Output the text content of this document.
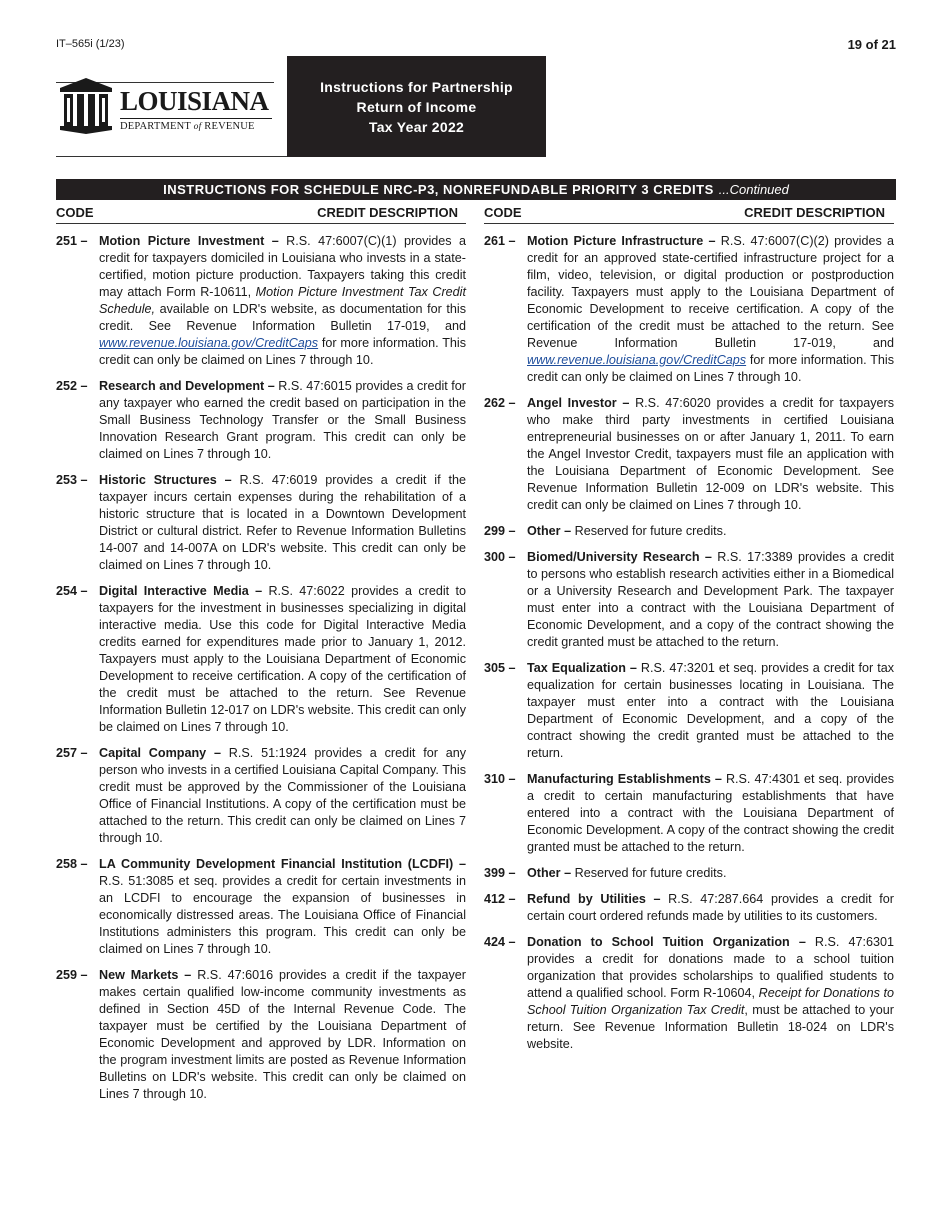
IT–565i (1/23)	19 of 21
LOUISIANA
DEPARTMENT of REVENUE
Instructions for Partnership
Return of Income
Tax Year 2022
INSTRUCTIONS FOR SCHEDULE NRC-P3, NONREFUNDABLE PRIORITY 3 CREDITS ...Continued
CODE	CREDIT DESCRIPTION
251 – Motion Picture Investment – R.S. 47:6007(C)(1) provides a credit for taxpayers domiciled in Louisiana who invests in a state-certified, motion picture production. Taxpayers taking this credit may attach Form R-10611, Motion Picture Investment Tax Credit Schedule, available on LDR's website, as documentation for this credit. See Revenue Information Bulletin 17-019, and www.revenue.louisiana.gov/CreditCaps for more information. This credit can only be claimed on Lines 7 through 10.
252 – Research and Development – R.S. 47:6015 provides a credit for any taxpayer who earned the credit based on participation in the Small Business Technology Transfer or the Small Business Innovation Research Grant program. This credit can only be claimed on Lines 7 through 10.
253 – Historic Structures – R.S. 47:6019 provides a credit if the taxpayer incurs certain expenses during the rehabilitation of a historic structure that is located in a Downtown Development District or cultural district. Refer to Revenue Information Bulletins 14-007 and 14-007A on LDR's website. This credit can only be claimed on Lines 7 through 10.
254 – Digital Interactive Media – R.S. 47:6022 provides a credit to taxpayers for the investment in businesses specializing in digital interactive media. Use this code for Digital Interactive Media credits earned for expenditures made prior to January 1, 2012. Taxpayers must apply to the Louisiana Department of Economic Development to receive certification. A copy of the certification of the credit must be attached to the return. See Revenue Information Bulletin 12-017 on LDR's website. This credit can only be claimed on Lines 7 through 10.
257 – Capital Company – R.S. 51:1924 provides a credit for any person who invests in a certified Louisiana Capital Company. This credit must be approved by the Commissioner of the Louisiana Office of Financial Institutions. A copy of the certification must be attached to the return. This credit can only be claimed on Lines 7 through 10.
258 – LA Community Development Financial Institution (LCDFI) – R.S. 51:3085 et seq. provides a credit for certain investments in an LCDFI to encourage the expansion of businesses in economically distressed areas. The Louisiana Office of Financial Institutions administers this program. This credit can only be claimed on Lines 7 through 10.
259 – New Markets – R.S. 47:6016 provides a credit if the taxpayer makes certain qualified low-income community investments as defined in Section 45D of the Internal Revenue Code. The taxpayer must be certified by the Louisiana Department of Economic Development and approved by LDR. Information on the program investment limits are posted as Revenue Information Bulletins on LDR's website. This credit can only be claimed on Lines 7 through 10.
CODE	CREDIT DESCRIPTION
261 – Motion Picture Infrastructure – R.S. 47:6007(C)(2) provides a credit for an approved state-certified infrastructure project for a film, video, television, or digital production or postproduction facility. Taxpayers must apply to the Louisiana Department of Economic Development to receive certification. A copy of the certification of the credit must be attached to the return. See Revenue Information Bulletin 17-019, and www.revenue.louisiana.gov/CreditCaps for more information. This credit can only be claimed on Lines 7 through 10.
262 – Angel Investor – R.S. 47:6020 provides a credit for taxpayers who make third party investments in certified Louisiana entrepreneurial businesses on or after January 1, 2011. To earn the Angel Investor Credit, taxpayers must file an application with the Louisiana Department of Economic Development. See Revenue Information Bulletin 12-009 on LDR's website. This credit can only be claimed on Lines 7 through 10.
299 – Other – Reserved for future credits.
300 – Biomed/University Research – R.S. 17:3389 provides a credit to persons who establish research activities either in a Biomedical or a University Research and Development Park. The taxpayer must enter into a contract with the Louisiana Department of Economic Development, and a copy of the contract showing the credit granted must be attached to the return.
305 – Tax Equalization – R.S. 47:3201 et seq. provides a credit for tax equalization for certain businesses locating in Louisiana. The taxpayer must enter into a contract with the Louisiana Department of Economic Development, and a copy of the contract showing the credit granted must be attached to the return.
310 – Manufacturing Establishments – R.S. 47:4301 et seq. provides a credit to certain manufacturing establishments that have entered into a contract with the Louisiana Department of Economic Development. A copy of the contract showing the credit granted must be attached to the return.
399 – Other – Reserved for future credits.
412 – Refund by Utilities – R.S. 47:287.664 provides a credit for certain court ordered refunds made by utilities to its customers.
424 – Donation to School Tuition Organization – R.S. 47:6301 provides a credit for donations made to a school tuition organization that provides scholarships to qualified students to attend a qualified school. Form R-10604, Receipt for Donations to School Tuition Organization Tax Credit, must be attached to your return. See Revenue Information Bulletin 18-024 on LDR's website.
